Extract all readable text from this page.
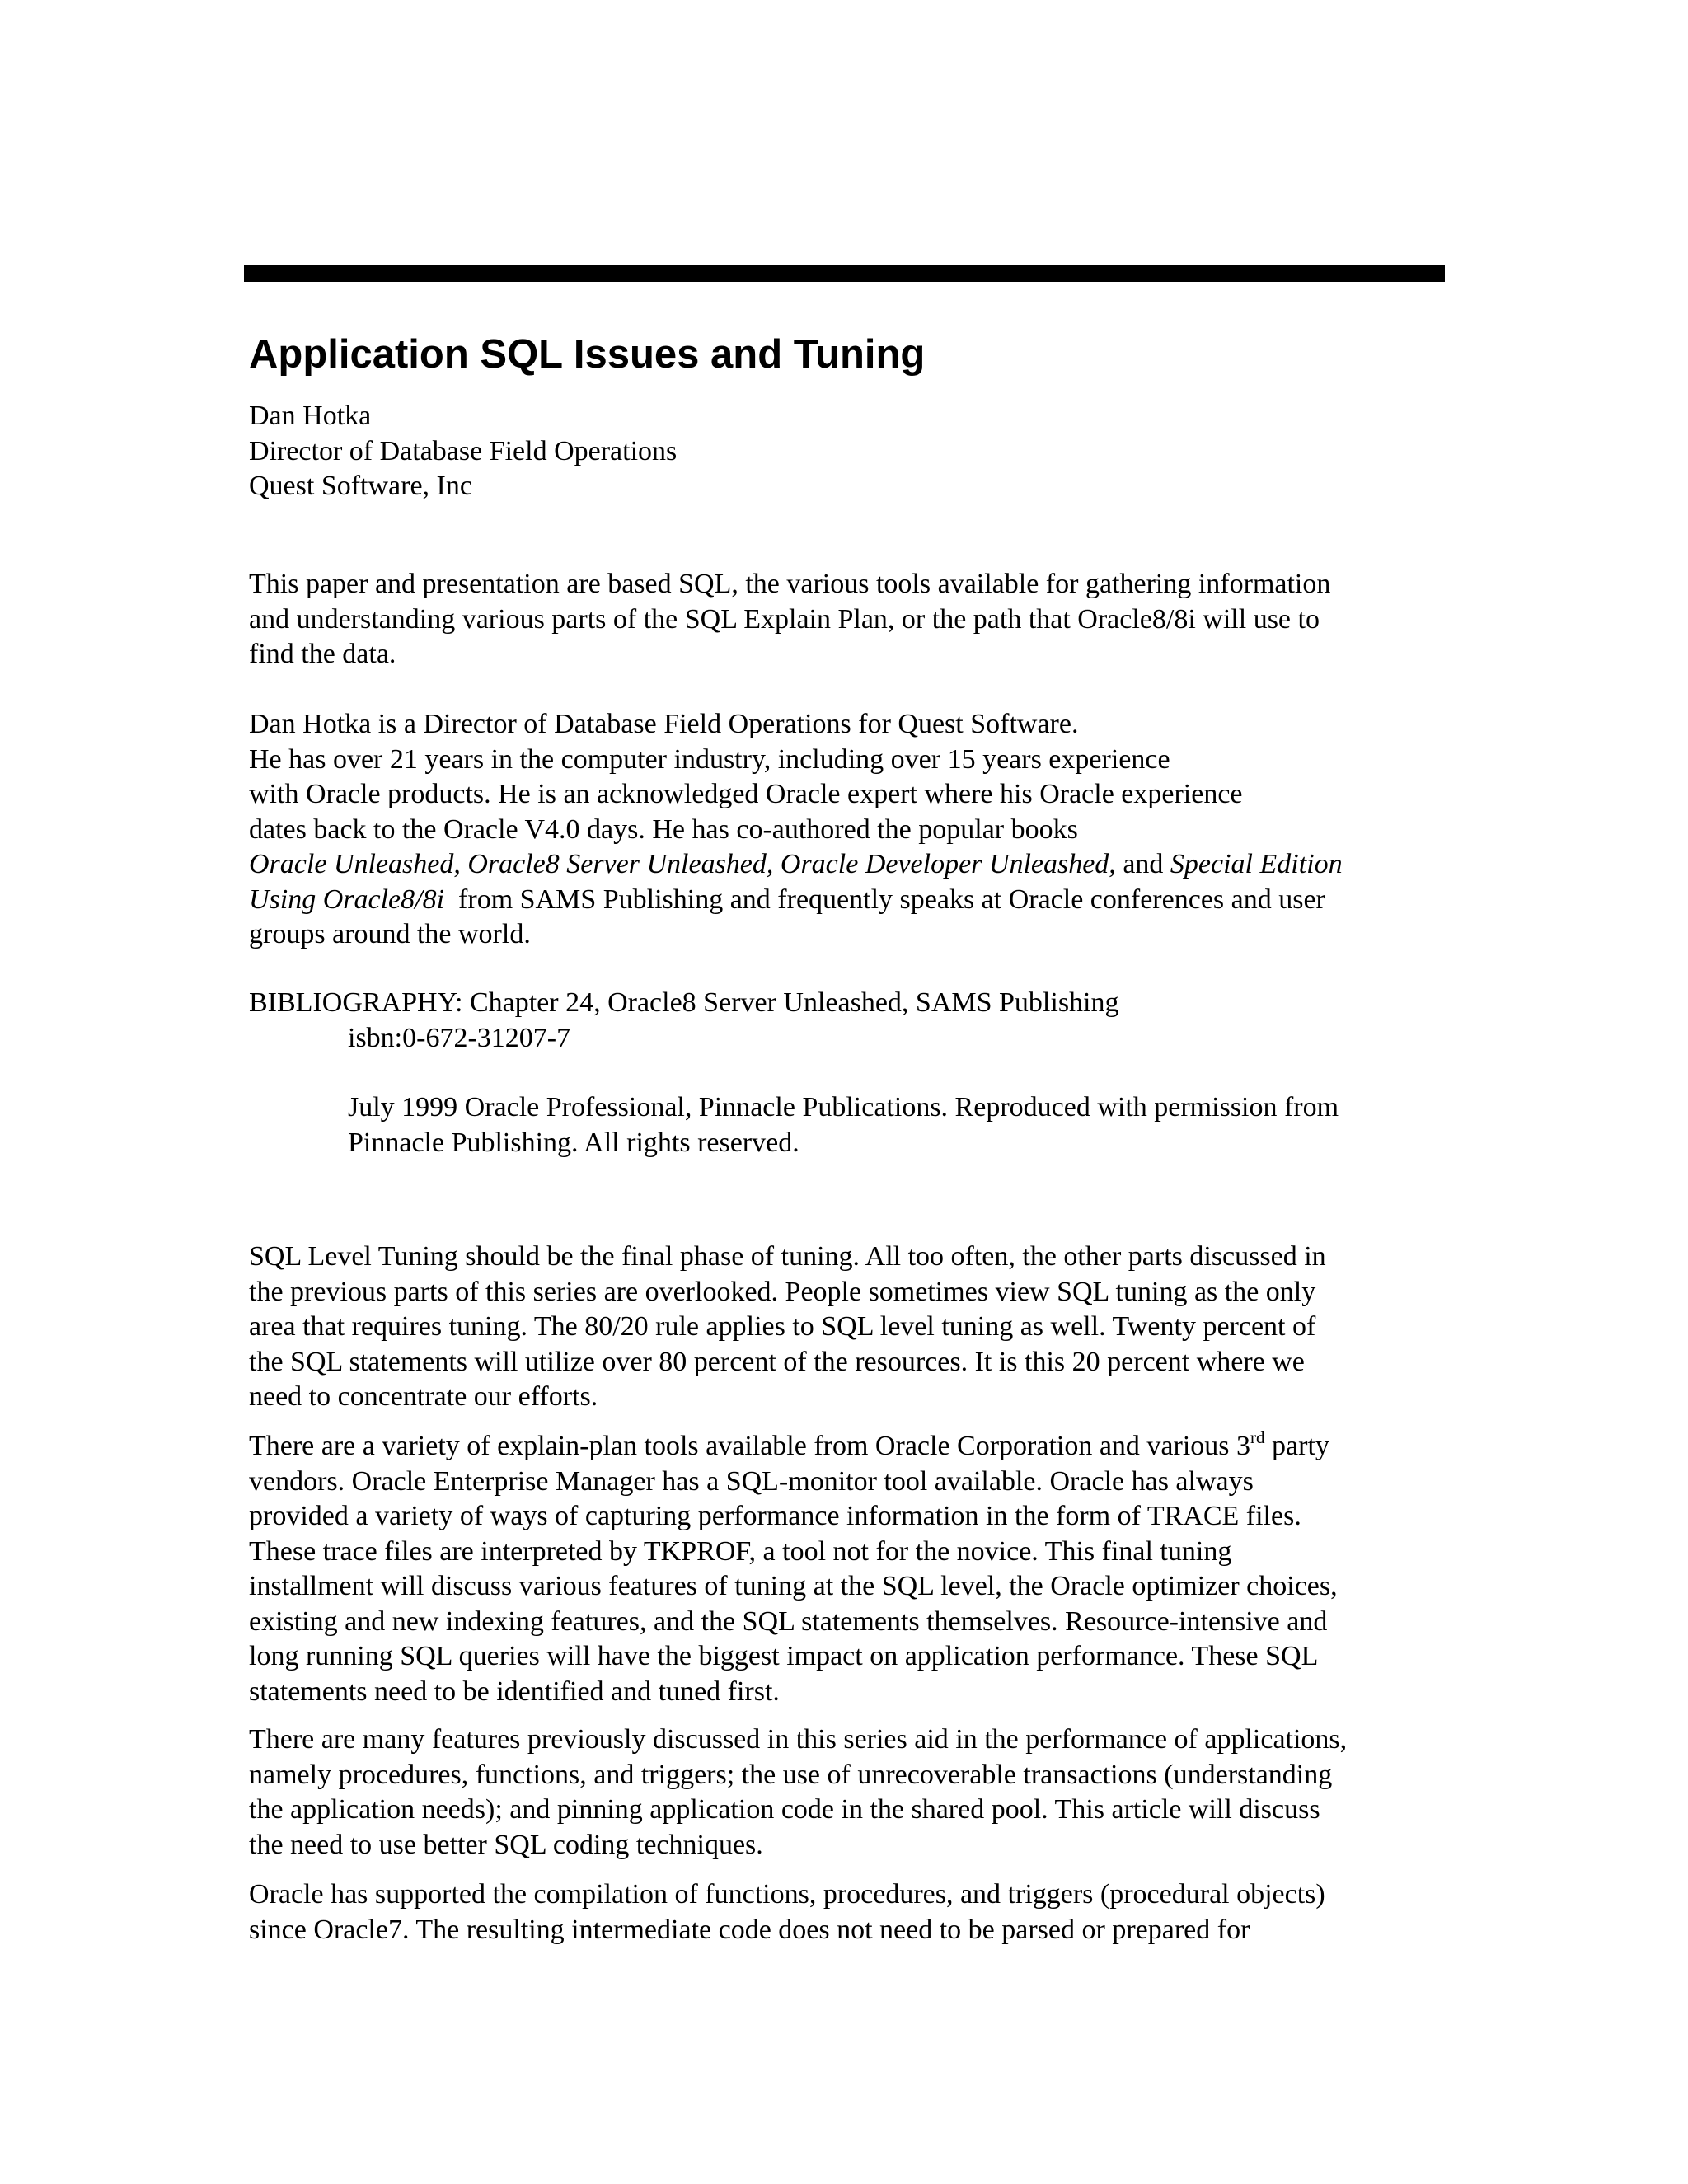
Application SQL Issues and Tuning
Dan Hotka
Director of Database Field Operations
Quest Software, Inc
This paper and presentation are based SQL, the various tools available for gathering information
and understanding various parts of the SQL Explain Plan, or the path that Oracle8/8i will use to
find the data.
Dan Hotka is a Director of Database Field Operations for Quest Software.
He has over 21 years in the computer industry, including over 15 years experience
with Oracle products. He is an acknowledged Oracle expert where his Oracle experience
dates back to the Oracle V4.0 days. He has co-authored the popular books
Oracle Unleashed, Oracle8 Server Unleashed, Oracle Developer Unleashed, and Special Edition
Using Oracle8/8i  from SAMS Publishing and frequently speaks at Oracle conferences and user
groups around the world.
BIBLIOGRAPHY: Chapter 24, Oracle8 Server Unleashed, SAMS Publishing
isbn:0-672-31207-7
July 1999 Oracle Professional, Pinnacle Publications. Reproduced with permission from
Pinnacle Publishing. All rights reserved.
SQL Level Tuning should be the final phase of tuning. All too often, the other parts discussed in
the previous parts of this series are overlooked. People sometimes view SQL tuning as the only
area that requires tuning. The 80/20 rule applies to SQL level tuning as well. Twenty percent of
the SQL statements will utilize over 80 percent of the resources. It is this 20 percent where we
need to concentrate our efforts.
There are a variety of explain-plan tools available from Oracle Corporation and various 3rd party
vendors. Oracle Enterprise Manager has a SQL-monitor tool available. Oracle has always
provided a variety of ways of capturing performance information in the form of TRACE files.
These trace files are interpreted by TKPROF, a tool not for the novice. This final tuning
installment will discuss various features of tuning at the SQL level, the Oracle optimizer choices,
existing and new indexing features, and the SQL statements themselves. Resource-intensive and
long running SQL queries will have the biggest impact on application performance. These SQL
statements need to be identified and tuned first.
There are many features previously discussed in this series aid in the performance of applications,
namely procedures, functions, and triggers; the use of unrecoverable transactions (understanding
the application needs); and pinning application code in the shared pool. This article will discuss
the need to use better SQL coding techniques.
Oracle has supported the compilation of functions, procedures, and triggers (procedural objects)
since Oracle7. The resulting intermediate code does not need to be parsed or prepared for
